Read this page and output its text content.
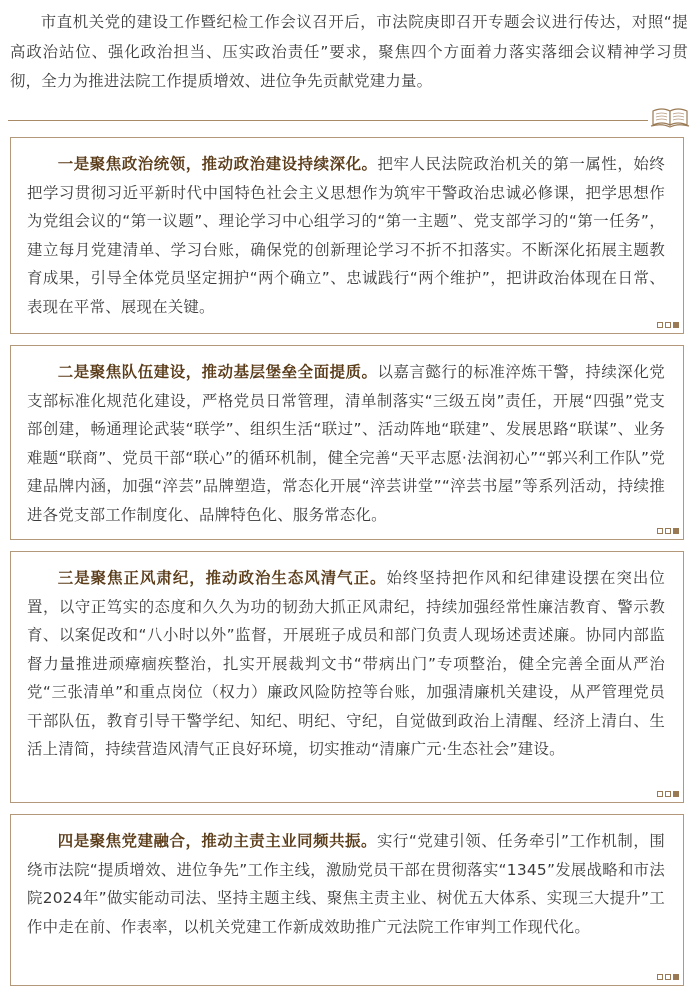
市直机关党的建设工作暨纪检工作会议召开后，市法院庚即召开专题会议进行传达，对照“提高政治站位、强化政治担当、压实政治责任”要求，聚焦四个方面着力落实落细会议精神学习贯彻，全力为推进法院工作提质增效、进位争先贡献党建力量。

一是聚焦政治统领，推动政治建设持续深化。把牢人民法院政治机关的第一属性，始终把学习贯彻习近平新时代中国特色社会主义思想作为筑牢干警政治忠诚必修课，把学思想作为党组会议的“第一议题”、理论学习中心组学习的“第一主题”、党支部学习的“第一任务”，建立每月党建清单、学习台账，确保党的创新理论学习不折不扣落实。不断深化拓展主题教育成果，引导全体党员坚定拥护“两个确立”、忠诚践行“两个维护”，把讲政治体现在日常、表现在平常、展现在关键。

二是聚焦队伍建设，推动基层堡垒全面提质。以嘉言懿行的标准淬炼干警，持续深化党支部标准化规范化建设，严格党员日常管理，清单制落实“三级五岗”责任，开展“四强”党支部创建，畅通理论武装“联学”、组织生活“联过”、活动阵地“联建”、发展思路“联谋”、业务难题“联商”、党员干部“联心”的循环机制，健全完善“天平志愿·法润初心”“郭兴利工作队”党建品牌内涵，加强“淬芸”品牌塑造，常态化开展“淬芸讲堂”“淬芸书屋”等系列活动，持续推进各党支部工作制度化、品牌特色化、服务常态化。

三是聚焦正风肃纪，推动政治生态风清气正。始终坚持把作风和纪律建设摆在突出位置，以守正笃实的态度和久久为功的韧劲大抓正风肃纪，持续加强经常性廉洁教育、警示教育、以案促改和“八小时以外”监督，开展班子成员和部门负责人现场述责述廉。协同内部监督力量推进顽瘴痼疾整治，扎实开展裁判文书“带病出门”专项整治，健全完善全面从严治党“三张清单”和重点岗位（权力）廉政风险防控等台账，加强清廉机关建设，从严管理党员干部队伍，教育引导干警学纪、知纪、明纪、守纪，自觉做到政治上清醒、经济上清白、生活上清简，持续营造风清气正良好环境，切实推动“清廉广元·生态社会”建设。

四是聚焦党建融合，推动主责主业同频共振。实行“党建引领、任务牵引”工作机制，围绕市法院“提质增效、进位争先”工作主线，激励党员干部在贯彻落实“1345”发展战略和市法院2024年”做实能动司法、坚持主题主线、聚焦主责主业、树优五大体系、实现三大提升”工作中走在前、作表率，以机关党建工作新成效助推广元法院工作审判工作现代化。
